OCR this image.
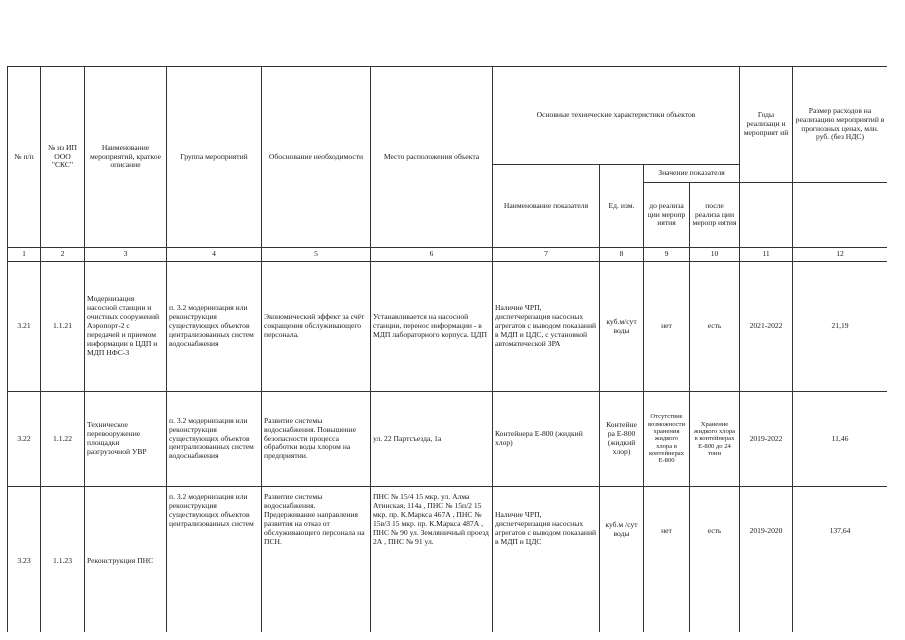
№ п/п	№ из ИП ООО "СКС"	Наименование мероприятий, краткое описание	Группа мероприятий	Обоснование необходимости	Место расположения объекта	Основные технические характеристики объектов				Годы реализаци и мероприят ий	Размер расходов на реализацию мероприятий в прогнозных ценах, млн. руб. (без НДС)
						Наименование показателя	Ед. изм.	Значение показателя			
								до реализа ции меропр иятия	после реализа ции меропр иятия		
1	2	3	4	5	6	7	8	9	10	11	12
3.21	1.1.21	Модернизация насосной станции и очистных сооружений Аэропорт-2 с передачей и приемом информации в ЦДП и МДП НФС-3	п. 3.2 модернизация или реконструкция существующих объектов централизованных систем водоснабжения	Экономический эффект за счёт сокращения обслуживающего персонала.	Устанавливается на насосной станции, перенос информации - в МДП лабораторного корпуса. ЦДП	Наличие ЧРП, диспетчеризация насосных агрегатов с выводом показаний в МДП и ЦДС, с установкой автоматической ЗРА	куб.м/сут воды	нет	есть	2021-2022	21,19
3.22	1.1.22	Техническое перевооружение площадки разгрузочной УВР	п. 3.2 модернизация или реконструкция существующих объектов централизованных систем водоснабжения	Развитие системы водоснабжения. Повышение безопасности процесса обработки воды хлором на предприятии.	ул. 22 Партсъезда, 1а	Контейнера Е-800 (жидкий хлор)	Контейне ра Е-800 (жидкий хлор)	Отсутствие возможности хранения жидкого хлора в контейнерах Е-800	Хранение жидкого хлора в контейнерах Е-800 до 24 тонн	2019-2022	11,46
3.23	1.1.23	Реконструкция ПНС	п. 3.2 модернизация или реконструкция существующих объектов централизованных систем	Развитие системы водоснабжения. Предерживание направления развития на отказ от обслуживающего персонала на ПСН.	ПНС № 15/4 15 мкр. ул. Алма Атинская, 114а , ПНС № 15п/2 15 мкр. пр. К.Маркса 467А , ПНС № 15в/3 15 мкр. пр. К.Маркса 487А , ПНС № 90 ул. Земляничный проезд 2А , ПНС № 91 ул.	Наличие ЧРП, диспетчеризация насосных агрегатов с выводом показаний в МДП и ЦДС	куб.м /сут воды	нет	есть	2019-2020	137,64
